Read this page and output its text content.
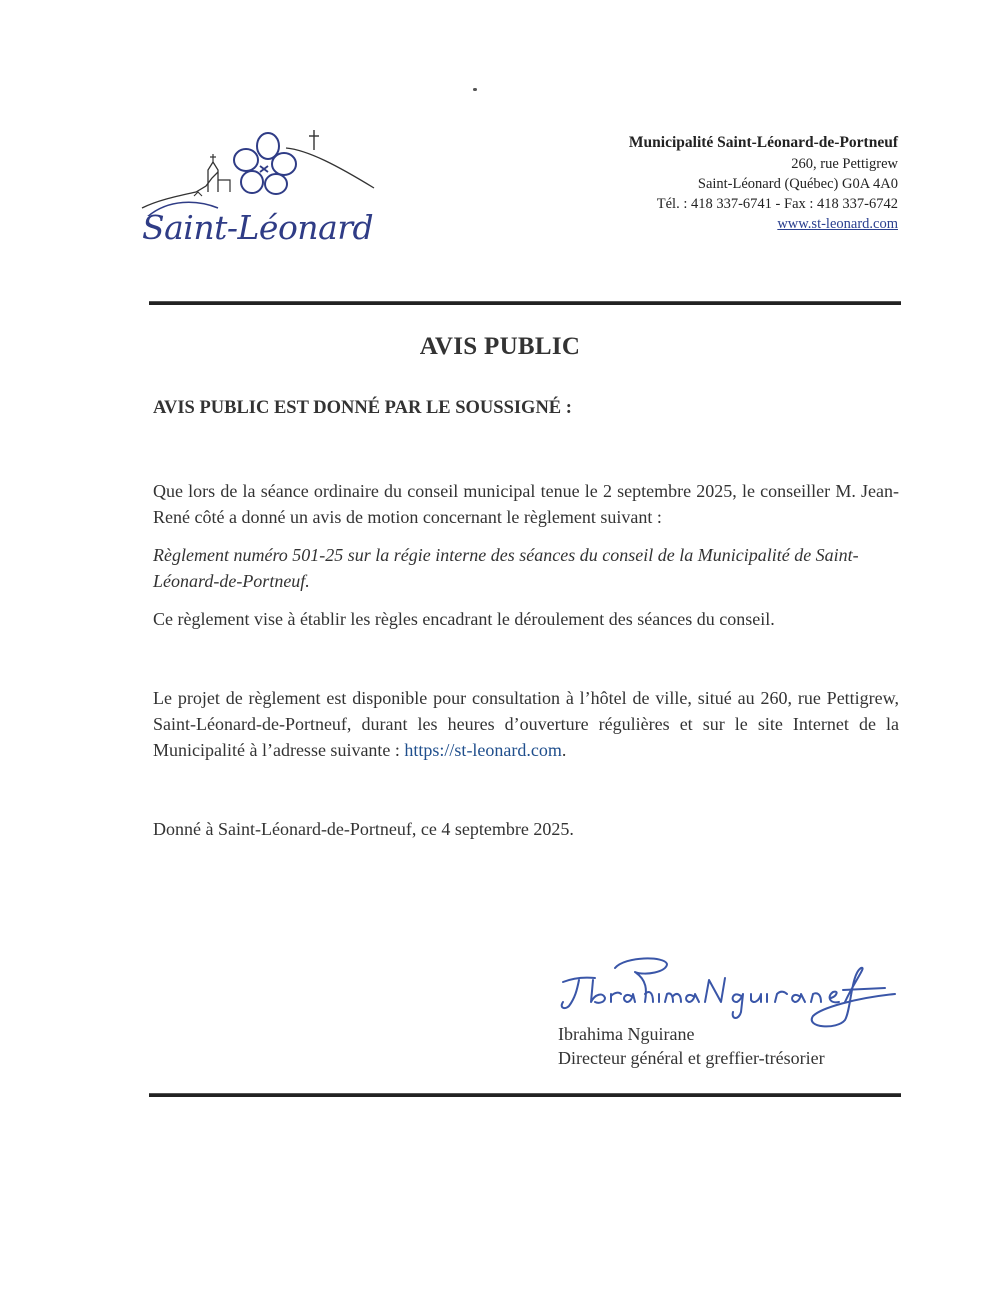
Saint-Léonard
Municipalité Saint-Léonard-de-Portneuf
260, rue Pettigrew
Saint-Léonard (Québec) G0A 4A0
Tél. : 418 337-6741 - Fax : 418 337-6742
www.st-leonard.com
AVIS PUBLIC
AVIS PUBLIC EST DONNÉ PAR LE SOUSSIGNÉ :

Que lors de la séance ordinaire du conseil municipal tenue le 2 septembre 2025, le conseiller M. Jean-René côté a donné un avis de motion concernant le règlement suivant :

Règlement numéro 501-25 sur la régie interne des séances du conseil de la Municipalité de Saint-Léonard-de-Portneuf.

Ce règlement vise à établir les règles encadrant le déroulement des séances du conseil.

Le projet de règlement est disponible pour consultation à l’hôtel de ville, situé au 260, rue Pettigrew, Saint-Léonard-de-Portneuf, durant les heures d’ouverture régulières et sur le site Internet de la Municipalité à l’adresse suivante : https://st-leonard.com.

Donné à Saint-Léonard-de-Portneuf, ce 4 septembre 2025.

Ibrahima Nguirane
Directeur général et greffier-trésorier
